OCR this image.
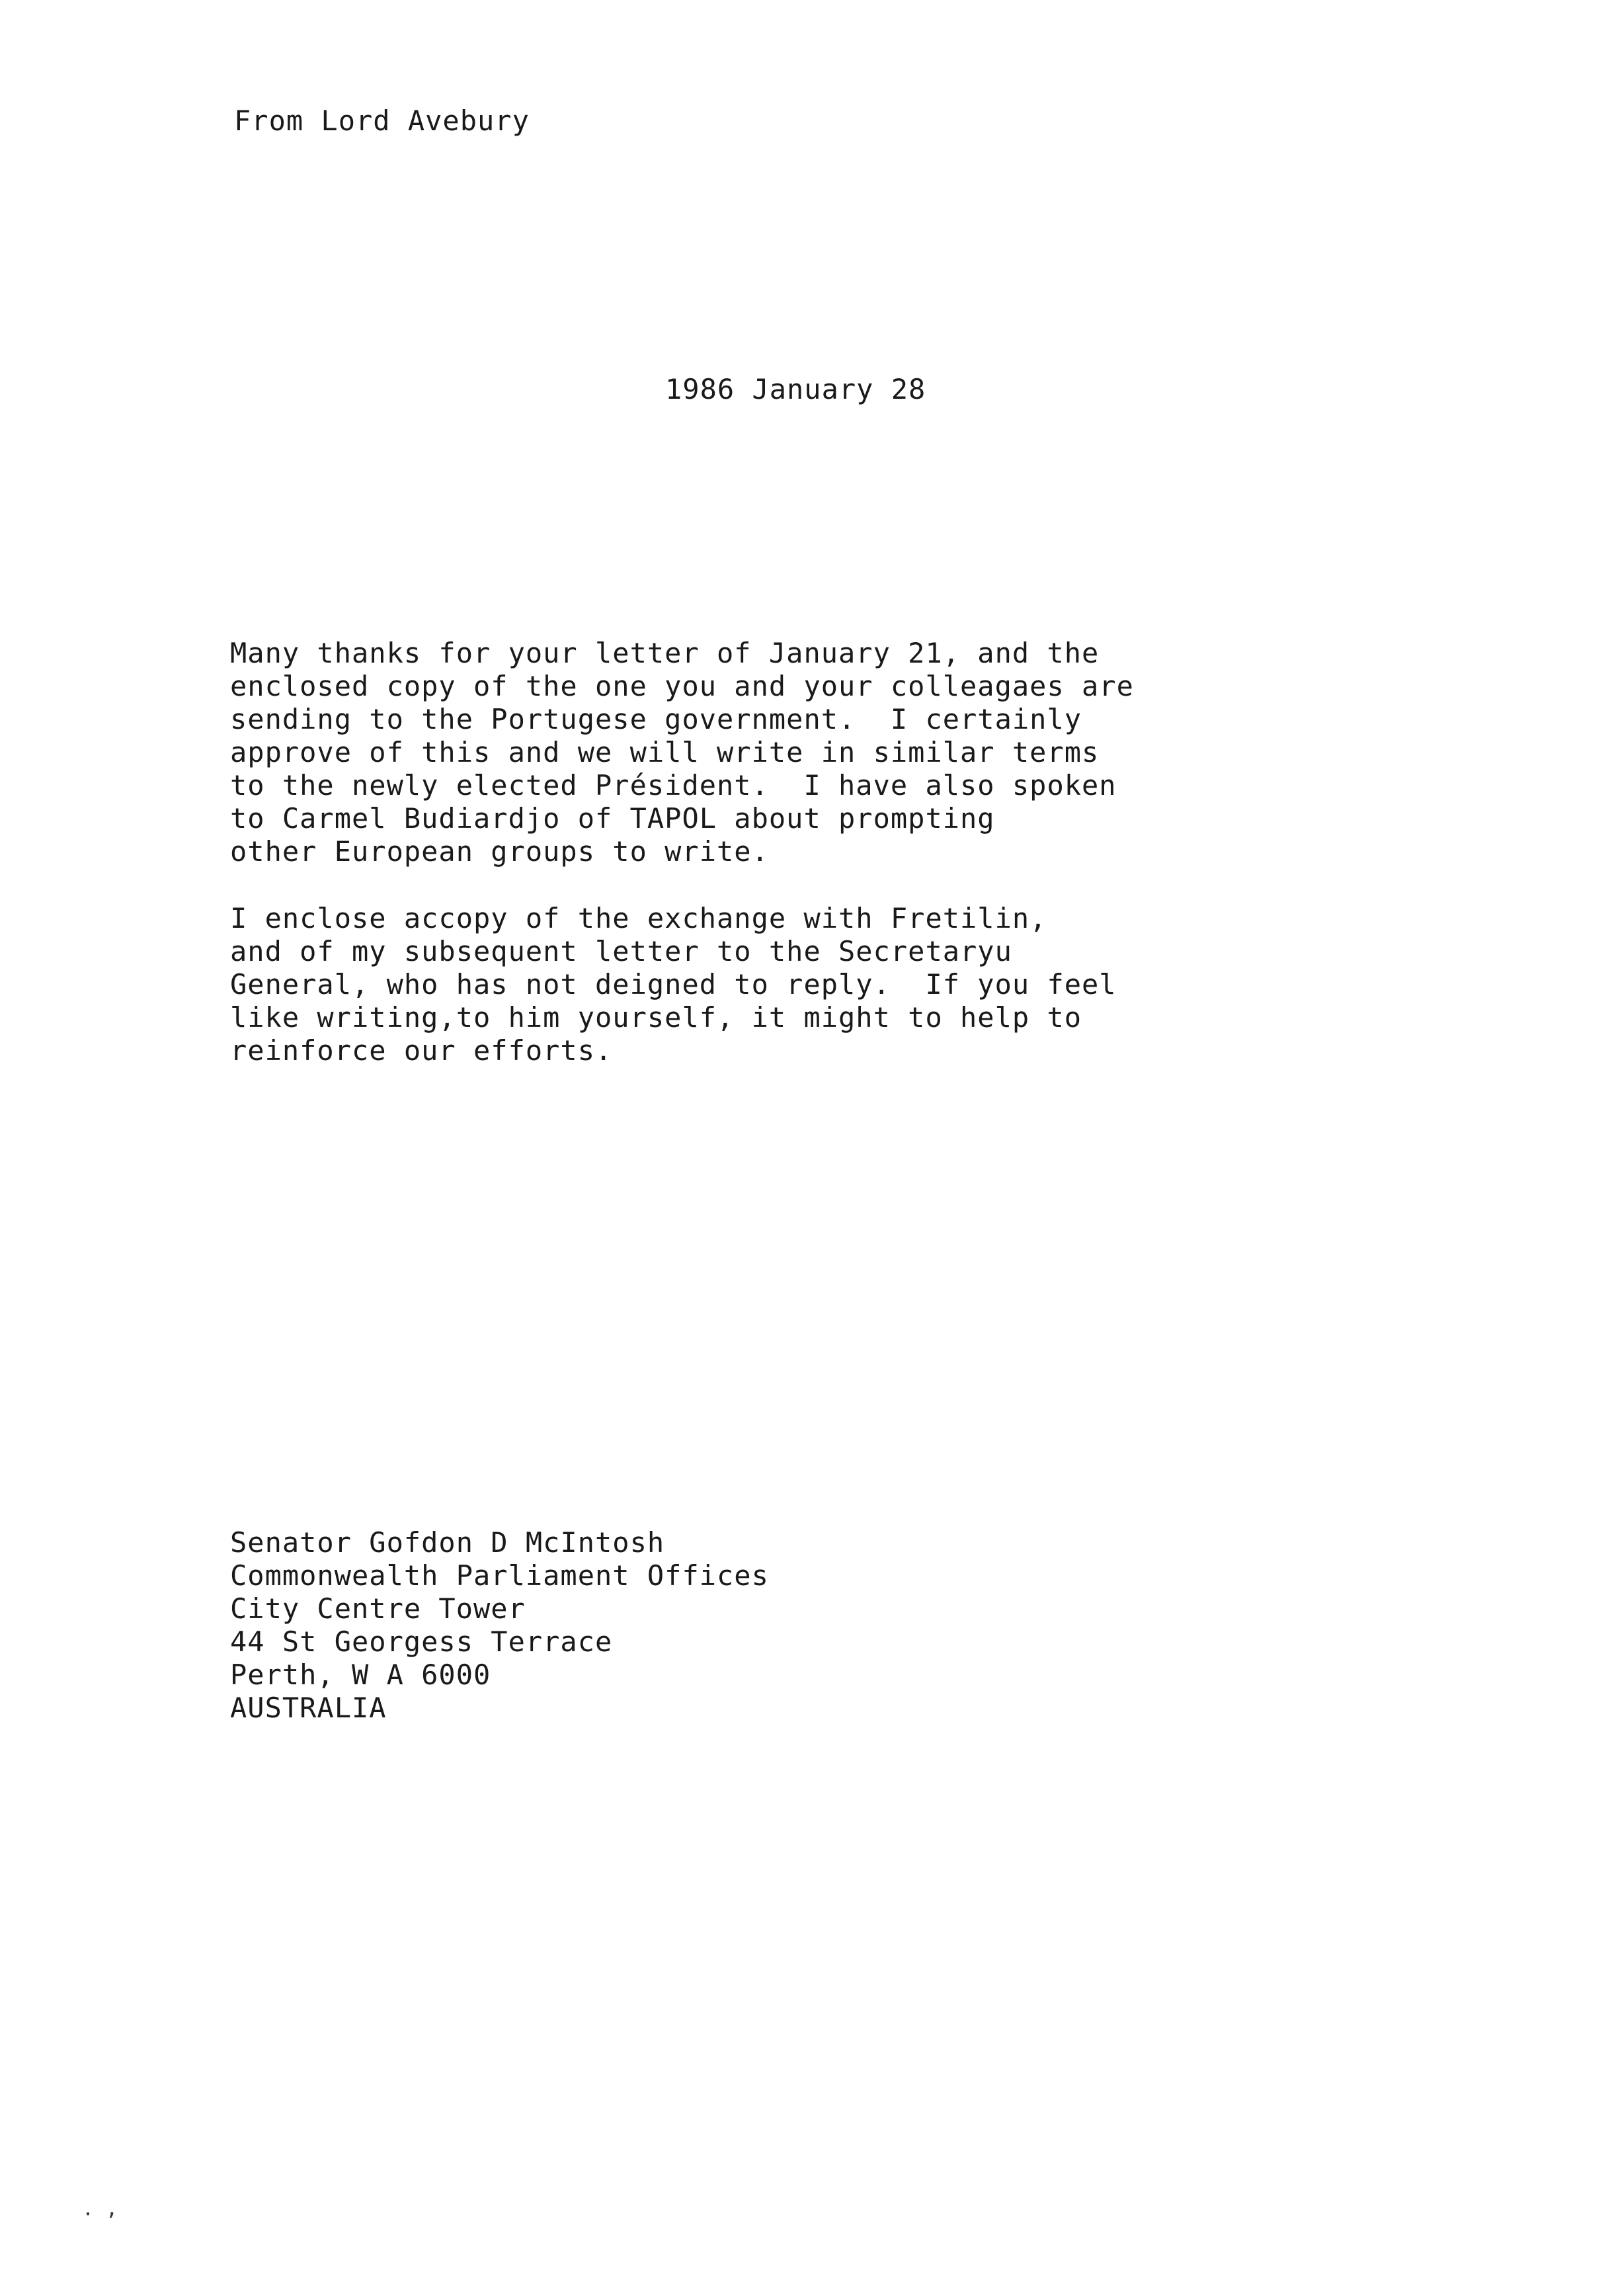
From Lord Avebury
1986 January 28
Many thanks for your letter of January 21, and the
enclosed copy of the one you and your colleagaes are
sending to the Portugese government.  I certainly
approve of this and we will write in similar terms
to the newly elected Président.  I have also spoken
to Carmel Budiardjo of TAPOL about prompting
other European groups to write.
I enclose accopy of the exchange with Fretilin,
and of my subsequent letter to the Secretaryu
General, who has not deigned to reply.  If you feel
like writing,to him yourself, it might to help to
reinforce our efforts.
Senator Gofdon D McIntosh
Commonwealth Parliament Offices
City Centre Tower
44 St Georgess Terrace
Perth, W A 6000
AUSTRALIA
. ,
